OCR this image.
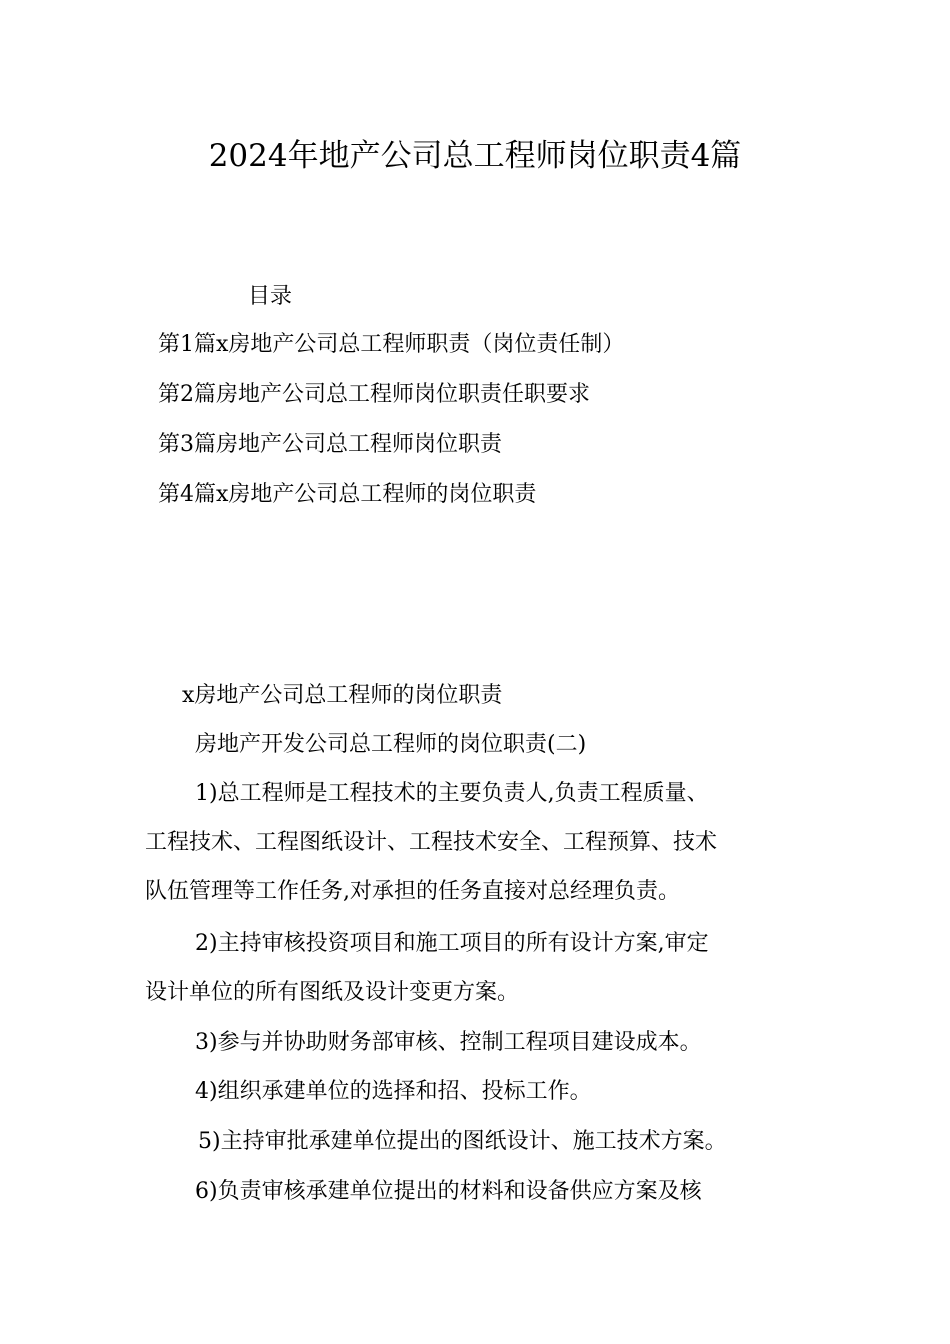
2024年地产公司总工程师岗位职责4篇
目录
第1篇x房地产公司总工程师职责（岗位责任制）
第2篇房地产公司总工程师岗位职责任职要求
第3篇房地产公司总工程师岗位职责
第4篇x房地产公司总工程师的岗位职责
x房地产公司总工程师的岗位职责
房地产开发公司总工程师的岗位职责(二)
1)总工程师是工程技术的主要负责人,负责工程质量、
工程技术、工程图纸设计、工程技术安全、工程预算、技术
队伍管理等工作任务,对承担的任务直接对总经理负责。
2)主持审核投资项目和施工项目的所有设计方案,审定
设计单位的所有图纸及设计变更方案。
3)参与并协助财务部审核、控制工程项目建设成本。
4)组织承建单位的选择和招、投标工作。
5)主持审批承建单位提出的图纸设计、施工技术方案。
6)负责审核承建单位提出的材料和设备供应方案及核
